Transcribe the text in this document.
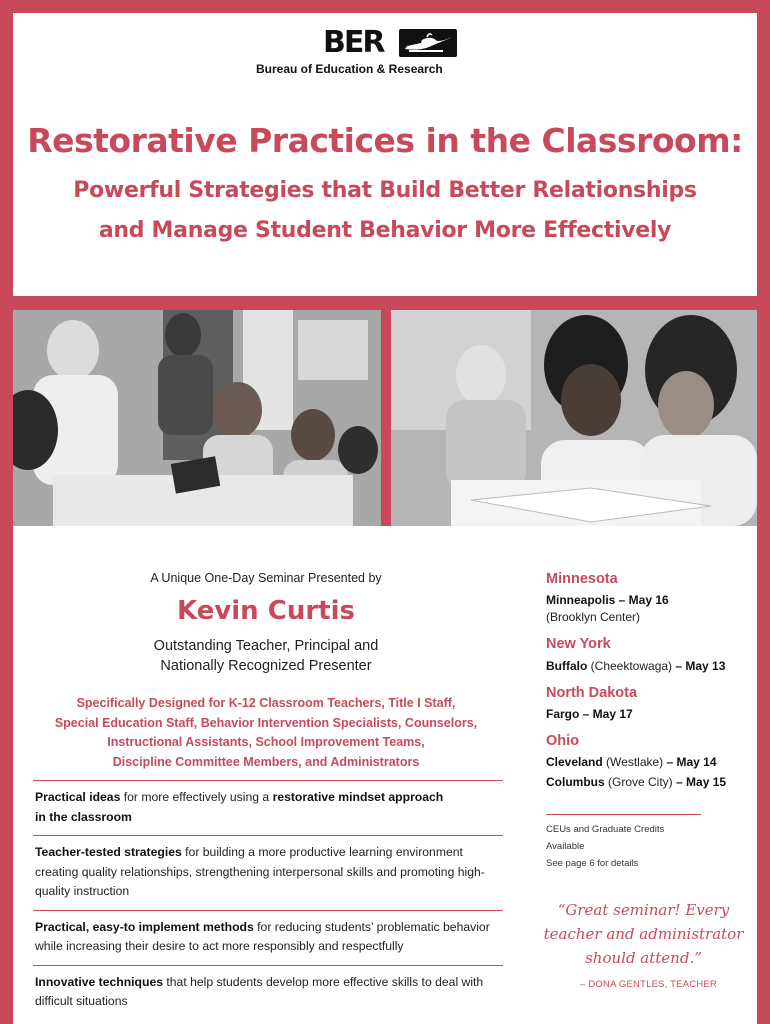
BER
Bureau of Education & Research
Restorative Practices in the Classroom:
Powerful Strategies that Build Better Relationships
and Manage Student Behavior More Effectively
A Unique One-Day Seminar Presented by
Kevin Curtis
Outstanding Teacher, Principal and
Nationally Recognized Presenter
Specifically Designed for K-12 Classroom Teachers, Title I Staff,
Special Education Staff, Behavior Intervention Specialists, Counselors,
Instructional Assistants, School Improvement Teams,
Discipline Committee Members, and Administrators
Practical ideas for more effectively using a restorative mindset approach
in the classroom
Teacher-tested strategies for building a more productive learning environment creating quality relationships, strengthening interpersonal skills and promoting high-quality instruction
Practical, easy-to implement methods for reducing students’ problematic behavior while increasing their desire to act more responsibly and respectfully
Innovative techniques that help students develop more effective skills to deal with difficult situations
Minnesota
Minneapolis – May 16
(Brooklyn Center)
New York
Buffalo (Cheektowaga) – May 13
North Dakota
Fargo – May 17
Ohio
Cleveland (Westlake) – May 14
Columbus (Grove City) – May 15
CEUs and Graduate Credits Available
See page 6 for details
“Great seminar! Every
teacher and administrator
should attend.”
– DONA GENTLES, TEACHER
